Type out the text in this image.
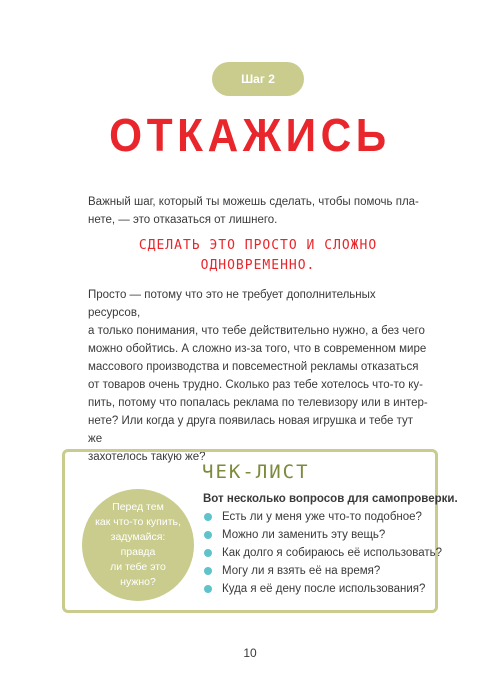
Шаг 2
ОТКАЖИСЬ
Важный шаг, который ты можешь сделать, чтобы помочь пла-
нете, — это отказаться от лишнего.
СДЕЛАТЬ ЭТО ПРОСТО И СЛОЖНО
ОДНОВРЕМЕННО.
Просто — потому что это не требует дополнительных ресурсов,
а только понимания, что тебе действительно нужно, а без чего
можно обойтись. А сложно из-за того, что в современном мире
массового производства и повсеместной рекламы отказаться
от товаров очень трудно. Сколько раз тебе хотелось что-то ку-
пить, потому что попалась реклама по телевизору или в интер-
нете? Или когда у друга появилась новая игрушка и тебе тут же
захотелось такую же?
ЧЕК-ЛИСТ
Перед тем
как что-то купить,
задумайся: правда
ли тебе это
нужно?
Вот несколько вопросов для самопроверки.
Есть ли у меня уже что-то подобное?
Можно ли заменить эту вещь?
Как долго я собираюсь её использовать?
Могу ли я взять её на время?
Куда я её дену после использования?
10
